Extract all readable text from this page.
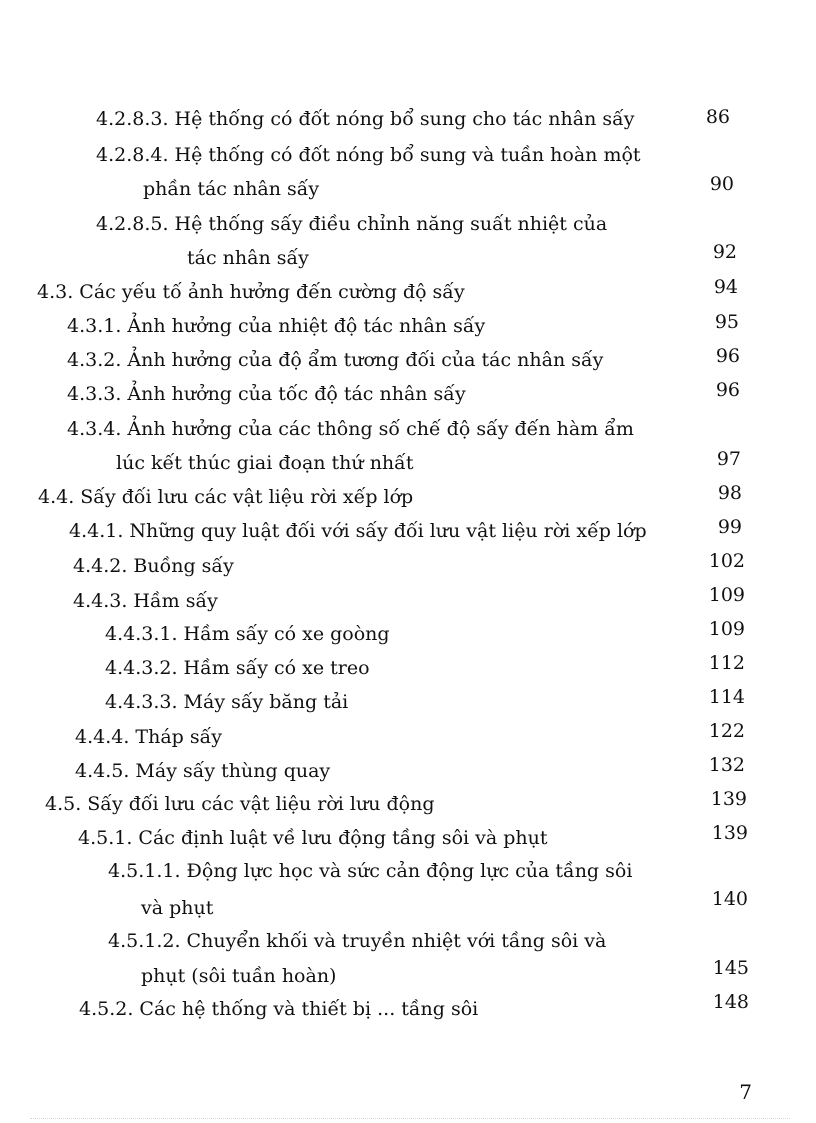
4.2.8.3. Hệ thống có đốt nóng bổ sung cho tác nhân sấy	86
4.2.8.4. Hệ thống có đốt nóng bổ sung và tuần hoàn một
phần tác nhân sấy	90
4.2.8.5. Hệ thống sấy điều chỉnh năng suất nhiệt của
tác nhân sấy	92
4.3. Các yếu tố ảnh hưởng đến cường độ sấy	94
4.3.1. Ảnh hưởng của nhiệt độ tác nhân sấy	95
4.3.2. Ảnh hưởng của độ ẩm tương đối của tác nhân sấy	96
4.3.3. Ảnh hưởng của tốc độ tác nhân sấy	96
4.3.4. Ảnh hưởng của các thông số chế độ sấy đến hàm ẩm
lúc kết thúc giai đoạn thứ nhất	97
4.4. Sấy đối lưu các vật liệu rời xếp lớp	98
4.4.1. Những quy luật đối với sấy đối lưu vật liệu rời xếp lớp	99
4.4.2. Buồng sấy	102
4.4.3. Hầm sấy	109
4.4.3.1. Hầm sấy có xe goòng	109
4.4.3.2. Hầm sấy có xe treo	112
4.4.3.3. Máy sấy băng tải	114
4.4.4. Tháp sấy	122
4.4.5. Máy sấy thùng quay	132
4.5. Sấy đối lưu các vật liệu rời lưu động	139
4.5.1. Các định luật về lưu động tầng sôi và phụt	139
4.5.1.1. Động lực học và sức cản động lực của tầng sôi
và phụt	140
4.5.1.2. Chuyển khối và truyền nhiệt với tầng sôi và
phụt (sôi tuần hoàn)	145
4.5.2. Các hệ thống và thiết bị ... tầng sôi	148
7
